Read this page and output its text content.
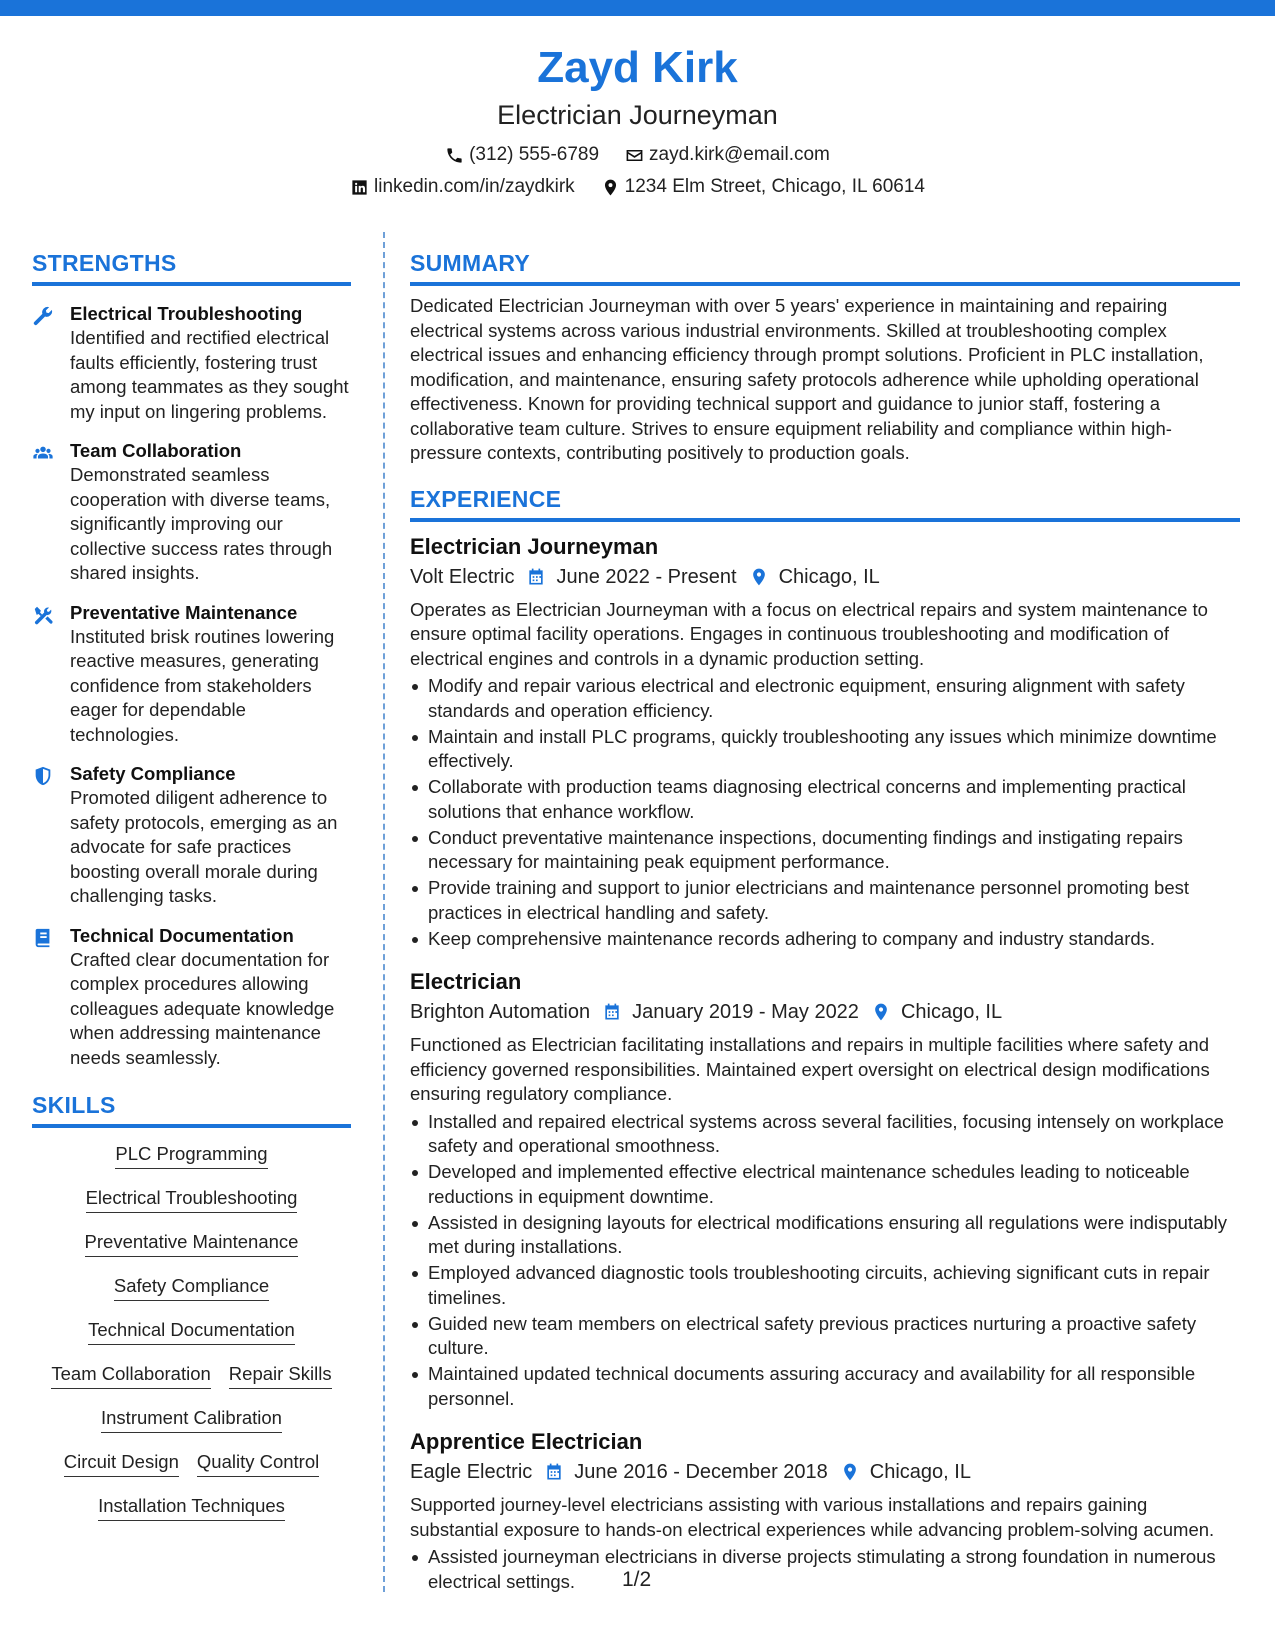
Zayd Kirk
Electrician Journeyman
(312) 555-6789	zayd.kirk@email.com
linkedin.com/in/zaydkirk	1234 Elm Street, Chicago, IL 60614
STRENGTHS
Electrical Troubleshooting
Identified and rectified electrical faults efficiently, fostering trust among teammates as they sought my input on lingering problems.
Team Collaboration
Demonstrated seamless cooperation with diverse teams, significantly improving our collective success rates through shared insights.
Preventative Maintenance
Instituted brisk routines lowering reactive measures, generating confidence from stakeholders eager for dependable technologies.
Safety Compliance
Promoted diligent adherence to safety protocols, emerging as an advocate for safe practices boosting overall morale during challenging tasks.
Technical Documentation
Crafted clear documentation for complex procedures allowing colleagues adequate knowledge when addressing maintenance needs seamlessly.
SKILLS
PLC Programming
Electrical Troubleshooting
Preventative Maintenance
Safety Compliance
Technical Documentation
Team Collaboration Repair Skills
Instrument Calibration
Circuit Design Quality Control
Installation Techniques
SUMMARY
Dedicated Electrician Journeyman with over 5 years' experience in maintaining and repairing electrical systems across various industrial environments. Skilled at troubleshooting complex electrical issues and enhancing efficiency through prompt solutions. Proficient in PLC installation, modification, and maintenance, ensuring safety protocols adherence while upholding operational effectiveness. Known for providing technical support and guidance to junior staff, fostering a collaborative team culture. Strives to ensure equipment reliability and compliance within high-pressure contexts, contributing positively to production goals.
EXPERIENCE
Electrician Journeyman
Volt Electric June 2022 - Present Chicago, IL
Operates as Electrician Journeyman with a focus on electrical repairs and system maintenance to ensure optimal facility operations. Engages in continuous troubleshooting and modification of electrical engines and controls in a dynamic production setting.
Modify and repair various electrical and electronic equipment, ensuring alignment with safety standards and operation efficiency.
Maintain and install PLC programs, quickly troubleshooting any issues which minimize downtime effectively.
Collaborate with production teams diagnosing electrical concerns and implementing practical solutions that enhance workflow.
Conduct preventative maintenance inspections, documenting findings and instigating repairs necessary for maintaining peak equipment performance.
Provide training and support to junior electricians and maintenance personnel promoting best practices in electrical handling and safety.
Keep comprehensive maintenance records adhering to company and industry standards.
Electrician
Brighton Automation January 2019 - May 2022 Chicago, IL
Functioned as Electrician facilitating installations and repairs in multiple facilities where safety and efficiency governed responsibilities. Maintained expert oversight on electrical design modifications ensuring regulatory compliance.
Installed and repaired electrical systems across several facilities, focusing intensely on workplace safety and operational smoothness.
Developed and implemented effective electrical maintenance schedules leading to noticeable reductions in equipment downtime.
Assisted in designing layouts for electrical modifications ensuring all regulations were indisputably met during installations.
Employed advanced diagnostic tools troubleshooting circuits, achieving significant cuts in repair timelines.
Guided new team members on electrical safety previous practices nurturing a proactive safety culture.
Maintained updated technical documents assuring accuracy and availability for all responsible personnel.
Apprentice Electrician
Eagle Electric June 2016 - December 2018 Chicago, IL
Supported journey-level electricians assisting with various installations and repairs gaining substantial exposure to hands-on electrical experiences while advancing problem-solving acumen.
Assisted journeyman electricians in diverse projects stimulating a strong foundation in numerous electrical settings.	1/2
